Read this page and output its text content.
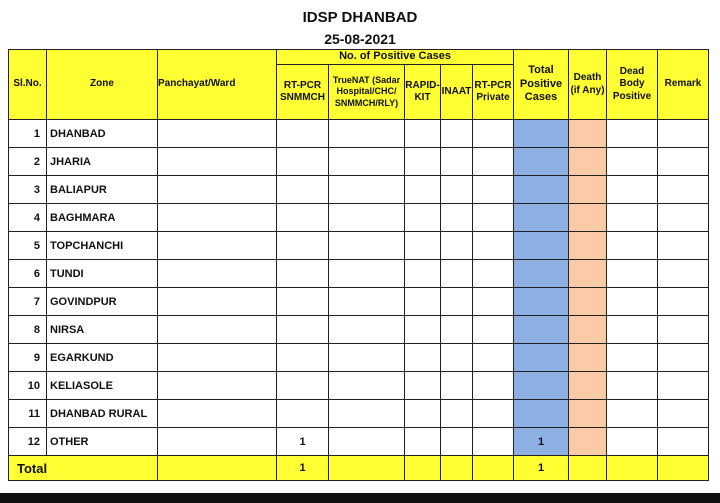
IDSP DHANBAD
25-08-2021
Sl.No.	Zone	Panchayat/Ward	No. of Positive Cases					Total Positive Cases	Death (if Any)	Dead Body Positive	Remark
			RT-PCR SNMMCH	TrueNAT (Sadar Hospital/CHC/ SNMMCH/RLY)	RAPID-KIT	INAAT	RT-PCR Private				
1	DHANBAD										
2	JHARIA										
3	BALIAPUR										
4	BAGHMARA										
5	TOPCHANCHI										
6	TUNDI										
7	GOVINDPUR										
8	NIRSA										
9	EGARKUND										
10	KELIASOLE										
11	DHANBAD RURAL										
12	OTHER		1					1			
Total			1					1			
